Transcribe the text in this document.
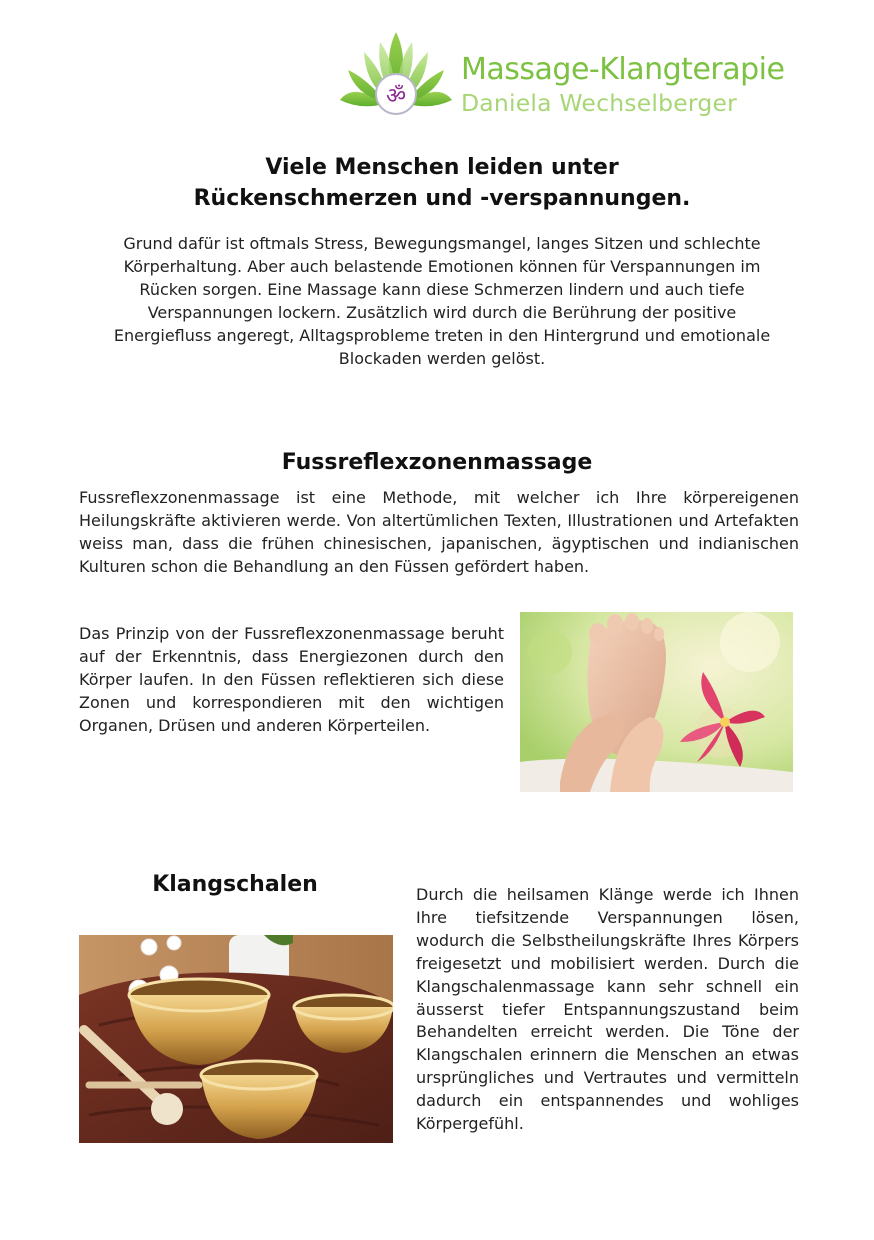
ॐ
Massage-Klangterapie
Daniela Wechselberger
Viele Menschen leiden unter
Rückenschmerzen und -verspannungen.
Grund dafür ist oftmals Stress, Bewegungsmangel, langes Sitzen und schlechte Körperhaltung. Aber auch belastende Emotionen können für Verspannungen im Rücken sorgen. Eine Massage kann diese Schmerzen lindern und auch tiefe Verspannungen lockern. Zusätzlich wird durch die Berührung der positive Energiefluss angeregt, Alltagsprobleme treten in den Hintergrund und emotionale Blockaden werden gelöst.
Fussreflexzonenmassage
Fussreflexzonenmassage ist eine Methode, mit welcher ich Ihre körpereigenen Heilungskräfte aktivieren werde. Von altertümlichen Texten, Illustrationen und Artefakten weiss man, dass die frühen chinesischen, japanischen, ägyptischen und indianischen Kulturen schon die Behandlung an den Füssen gefördert haben.
Das Prinzip von der Fussreflexzonenmassage beruht auf der Erkenntnis, dass Energiezonen durch den Körper laufen. In den Füssen reflektieren sich diese Zonen und korrespondieren mit den wichtigen Organen, Drüsen und anderen Körperteilen.
Klangschalen	Durch die heilsamen Klänge werde ich Ihnen Ihre tiefsitzende Verspannungen lösen, wodurch die Selbstheilungskräfte Ihres Körpers freigesetzt und mobilisiert werden. Durch die Klangschalenmassage kann sehr schnell ein äusserst tiefer Entspannungszustand beim Behandelten erreicht werden. Die Töne der Klangschalen erinnern die Menschen an etwas ursprüngliches und Vertrautes und vermitteln dadurch ein entspannendes und wohliges Körpergefühl.
